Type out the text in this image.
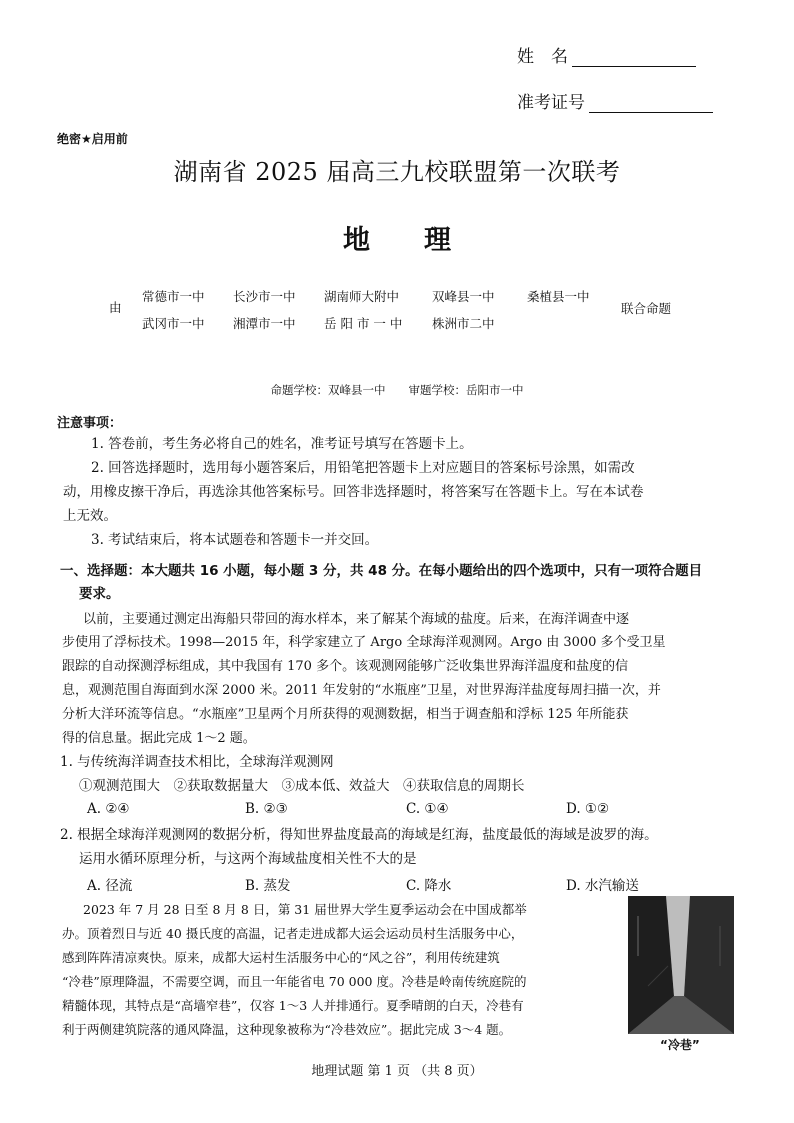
姓　名
准考证号
绝密★启用前
湖南省 2025 届高三九校联盟第一次联考
地　　理
由
常德市一中 长沙市一中 湖南师大附中	双峰县一中	桑植县一中
武冈市一中 湘潭市一中 岳 阳 市 一 中 株洲市二中
联合命题
命题学校：双峰县一中　　审题学校：岳阳市一中
注意事项：
1. 答卷前，考生务必将自己的姓名，准考证号填写在答题卡上。
2. 回答选择题时，选用每小题答案后，用铅笔把答题卡上对应题目的答案标号涂黑，如需改
动，用橡皮擦干净后，再选涂其他答案标号。回答非选择题时，将答案写在答题卡上。写在本试卷
上无效。
3. 考试结束后，将本试题卷和答题卡一并交回。
一、选择题：本大题共 16 小题，每小题 3 分，共 48 分。在每小题给出的四个选项中，只有一项符合题目
要求。
以前，主要通过测定出海船只带回的海水样本，来了解某个海域的盐度。后来，在海洋调查中逐
步使用了浮标技术。1998—2015 年，科学家建立了 Argo 全球海洋观测网。Argo 由 3000 多个受卫星
跟踪的自动探测浮标组成，其中我国有 170 多个。该观测网能够广泛收集世界海洋温度和盐度的信
息，观测范围自海面到水深 2000 米。2011 年发射的“水瓶座”卫星，对世界海洋盐度每周扫描一次，并
分析大洋环流等信息。“水瓶座”卫星两个月所获得的观测数据，相当于调查船和浮标 125 年所能获
得的信息量。据此完成 1～2 题。
1. 与传统海洋调查技术相比，全球海洋观测网
①观测范围大　②获取数据量大　③成本低、效益大　④获取信息的周期长
A. ②④	B. ②③	C. ①④	D. ①②
2. 根据全球海洋观测网的数据分析，得知世界盐度最高的海域是红海，盐度最低的海域是波罗的海。
运用水循环原理分析，与这两个海域盐度相关性不大的是
A. 径流	B. 蒸发	C. 降水	D. 水汽输送
2023 年 7 月 28 日至 8 月 8 日，第 31 届世界大学生夏季运动会在中国成都举
办。顶着烈日与近 40 摄氏度的高温，记者走进成都大运会运动员村生活服务中心，
感到阵阵清凉爽快。原来，成都大运村生活服务中心的“风之谷”，利用传统建筑
“冷巷”原理降温，不需要空调，而且一年能省电 70 000 度。冷巷是岭南传统庭院的
精髓体现，其特点是“高墙窄巷”，仅容 1～3 人并排通行。夏季晴朗的白天，冷巷有
利于两侧建筑院落的通风降温，这种现象被称为“冷巷效应”。据此完成 3～4 题。
“冷巷”
地理试题 第 1 页 （共 8 页）
